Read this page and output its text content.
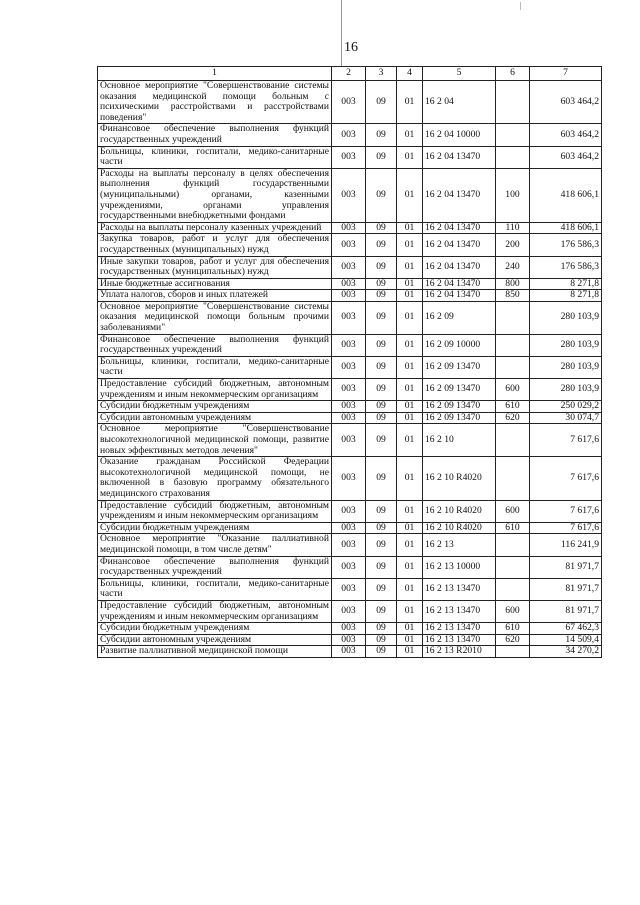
16
1	2	3	4	5	6	7
Основное мероприятие "Совершенствование системы оказания медицинской помощи больным с психическими расстройствами и расстройствами поведения"	003	09	01	16 2 04		603 464,2
Финансовое обеспечение выполнения функций государственных учреждений	003	09	01	16 2 04 10000		603 464,2
Больницы, клиники, госпитали, медико-санитарные части	003	09	01	16 2 04 13470		603 464,2
Расходы на выплаты персоналу в целях обеспечения выполнения функций государственными (муниципальными) органами, казенными учреждениями, органами управления государственными внебюджетными фондами	003	09	01	16 2 04 13470	100	418 606,1
Расходы на выплаты персоналу казенных учреждений	003	09	01	16 2 04 13470	110	418 606,1
Закупка товаров, работ и услуг для обеспечения государственных (муниципальных) нужд	003	09	01	16 2 04 13470	200	176 586,3
Иные закупки товаров, работ и услуг для обеспечения государственных (муниципальных) нужд	003	09	01	16 2 04 13470	240	176 586,3
Иные бюджетные ассигнования	003	09	01	16 2 04 13470	800	8 271,8
Уплата налогов, сборов и иных платежей	003	09	01	16 2 04 13470	850	8 271,8
Основное мероприятие "Совершенствование системы оказания медицинской помощи больным прочими заболеваниями"	003	09	01	16 2 09		280 103,9
Финансовое обеспечение выполнения функций государственных учреждений	003	09	01	16 2 09 10000		280 103,9
Больницы, клиники, госпитали, медико-санитарные части	003	09	01	16 2 09 13470		280 103,9
Предоставление субсидий бюджетным, автономным учреждениям и иным некоммерческим организациям	003	09	01	16 2 09 13470	600	280 103,9
Субсидии бюджетным учреждениям	003	09	01	16 2 09 13470	610	250 029,2
Субсидии автономным учреждениям	003	09	01	16 2 09 13470	620	30 074,7
Основное мероприятие "Совершенствование высокотехнологичной медицинской помощи, развитие новых эффективных методов лечения"	003	09	01	16 2 10		7 617,6
Оказание гражданам Российской Федерации высокотехнологичной медицинской помощи, не включенной в базовую программу обязательного медицинского страхования	003	09	01	16 2 10 R4020		7 617,6
Предоставление субсидий бюджетным, автономным учреждениям и иным некоммерческим организациям	003	09	01	16 2 10 R4020	600	7 617,6
Субсидии бюджетным учреждениям	003	09	01	16 2 10 R4020	610	7 617,6
Основное мероприятие "Оказание паллиативной медицинской помощи, в том числе детям"	003	09	01	16 2 13		116 241,9
Финансовое обеспечение выполнения функций государственных учреждений	003	09	01	16 2 13 10000		81 971,7
Больницы, клиники, госпитали, медико-санитарные части	003	09	01	16 2 13 13470		81 971,7
Предоставление субсидий бюджетным, автономным учреждениям и иным некоммерческим организациям	003	09	01	16 2 13 13470	600	81 971,7
Субсидии бюджетным учреждениям	003	09	01	16 2 13 13470	610	67 462,3
Субсидии автономным учреждениям	003	09	01	16 2 13 13470	620	14 509,4
Развитие паллиативной медицинской помощи	003	09	01	16 2 13 R2010		34 270,2
